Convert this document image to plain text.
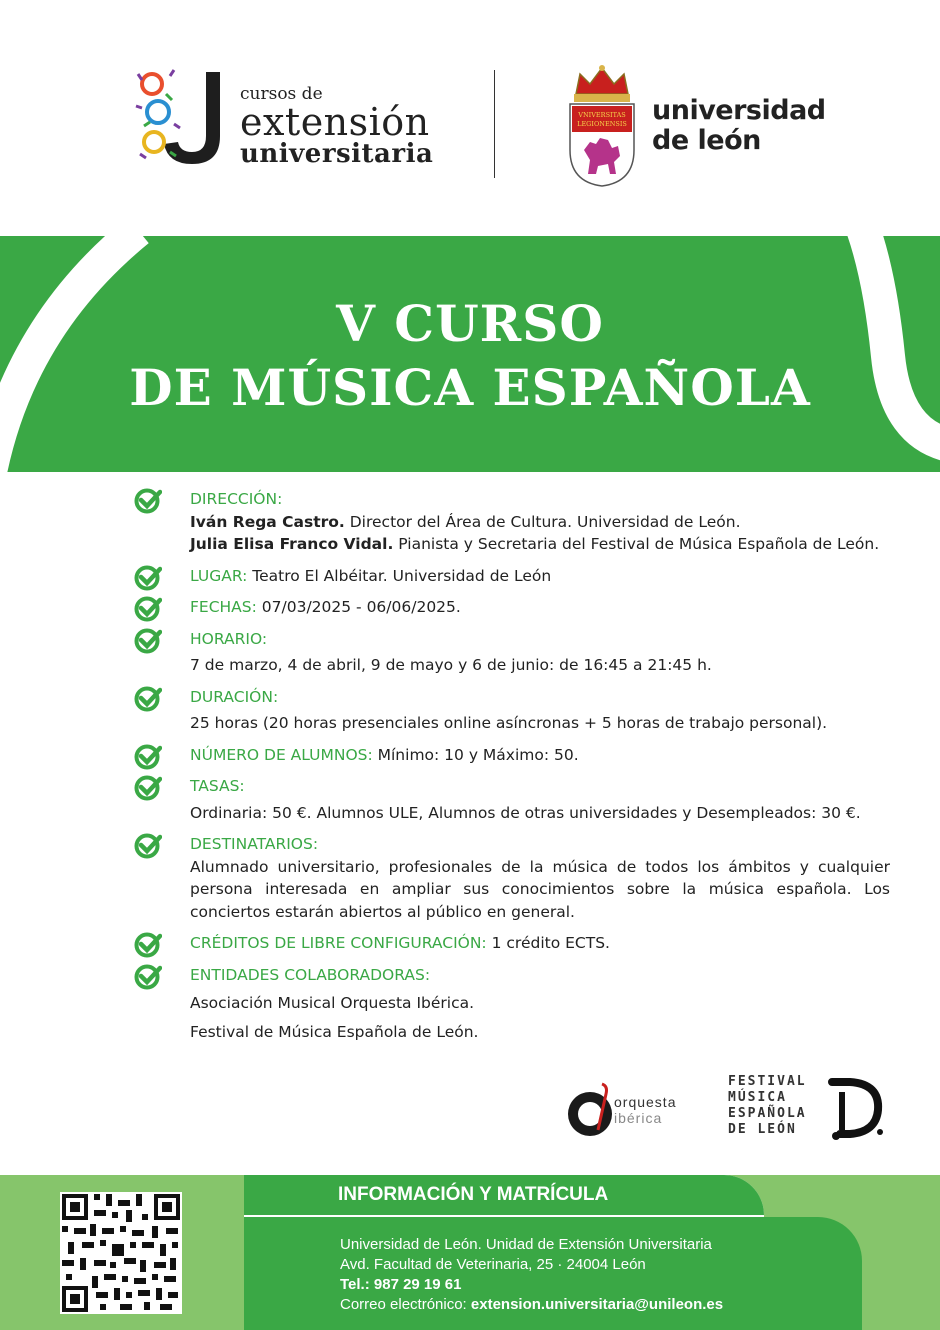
cursos de
extensión
universitaria
VNIVERSITAS
LEGIONENSIS universidad
de león
V CURSO
DE MÚSICA ESPAÑOLA
DIRECCIÓN:
Iván Rega Castro. Director del Área de Cultura. Universidad de León.
Julia Elisa Franco Vidal. Pianista y Secretaria del Festival de Música Española de León.
LUGAR: Teatro El Albéitar. Universidad de León
FECHAS: 07/03/2025 - 06/06/2025.
HORARIO:
7 de marzo, 4 de abril, 9 de mayo y 6 de junio: de 16:45 a 21:45 h.
DURACIÓN:
25 horas (20 horas presenciales online asíncronas + 5 horas de trabajo personal).
NÚMERO DE ALUMNOS: Mínimo: 10 y Máximo: 50.
TASAS:
Ordinaria: 50 €. Alumnos ULE, Alumnos de otras universidades y Desempleados: 30 €.
DESTINATARIOS:
Alumnado universitario, profesionales de la música de todos los ámbitos y cualquier persona interesada en ampliar sus conocimientos sobre la música española. Los conciertos estarán abiertos al público en general.
CRÉDITOS DE LIBRE CONFIGURACIÓN: 1 crédito ECTS.
ENTIDADES COLABORADORAS:
Asociación Musical Orquesta Ibérica.
Festival de Música Española de León.
orquesta
ibérica
FESTIVAL
MÚSICA
ESPAÑOLA
DE LEÓN
INFORMACIÓN Y MATRÍCULA
Universidad de León. Unidad de Extensión Universitaria
Avd. Facultad de Veterinaria, 25 · 24004 León
Tel.: 987 29 19 61
Correo electrónico: extension.universitaria@unileon.es
